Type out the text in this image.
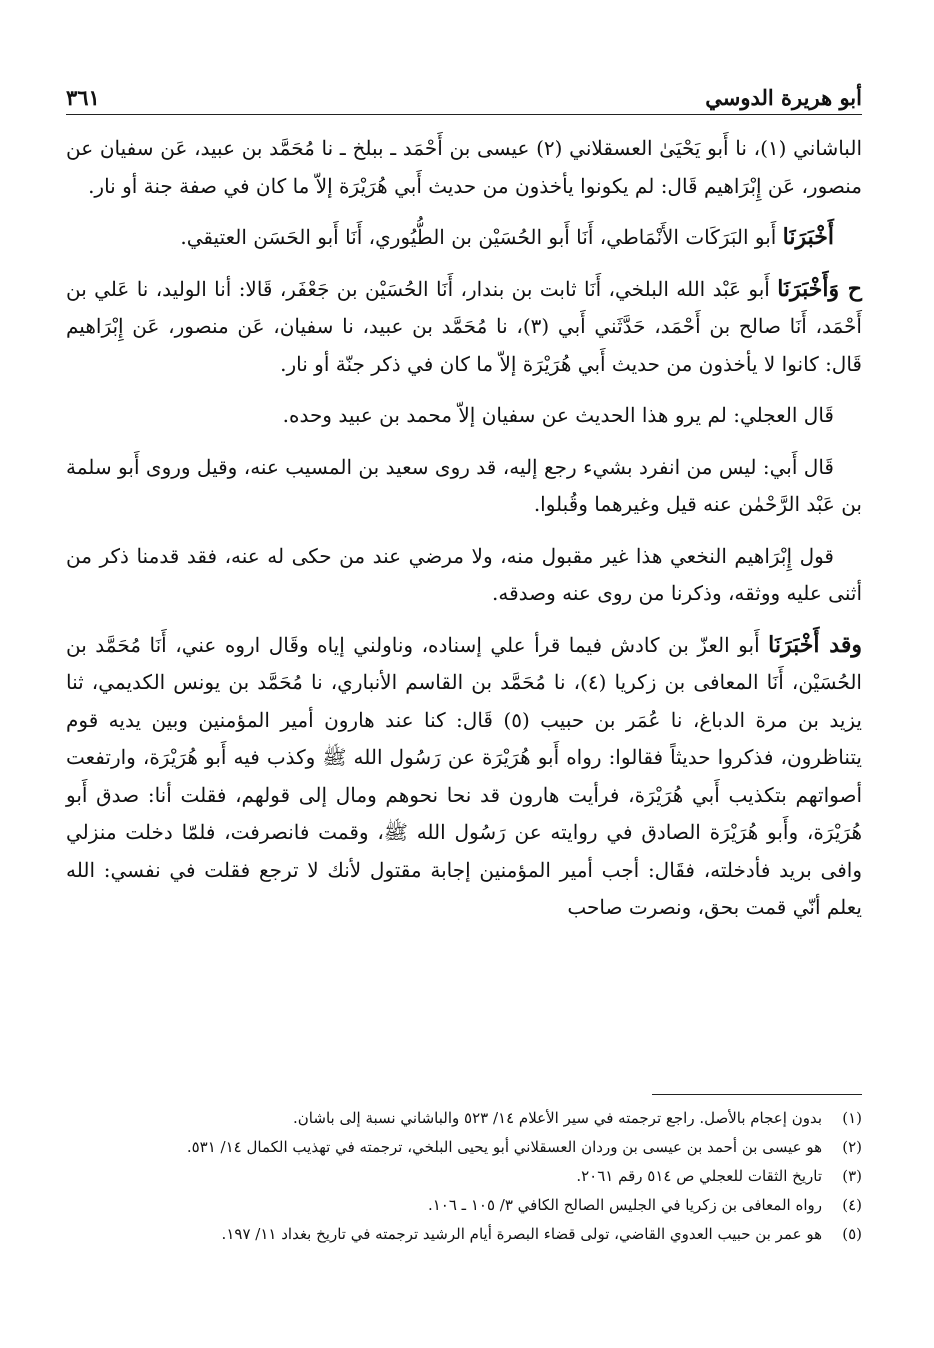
أبو هريرة الدوسي
٣٦١

الباشاني (١)، نا أَبو يَحْيَىٰ العسقلاني (٢) عيسى بن أَحْمَد ـ ببلخ ـ نا مُحَمَّد بن عبيد، عَن سفيان عن منصور، عَن إِبْرَاهيم قَال: لم يكونوا يأخذون من حديث أَبي هُرَيْرَة إلاّ ما كان في صفة جنة أو نار.

أَخْبَرَنَا أَبو البَرَكَات الأَنْمَاطي، أَنَا أَبو الحُسَيْن بن الطُّيُوري، أَنَا أَبو الحَسَن العتيقي.

ح وَأَخْبَرَنَا أَبو عَبْد الله البلخي، أَنَا ثابت بن بندار، أَنَا الحُسَيْن بن جَعْفَر، قَالا: أنا الوليد، نا عَلي بن أَحْمَد، أَنَا صالح بن أَحْمَد، حَدَّثَني أَبي (٣)، نا مُحَمَّد بن عبيد، نا سفيان، عَن منصور، عَن إِبْرَاهيم قَال: كانوا لا يأخذون من حديث أَبي هُرَيْرَة إلاّ ما كان في ذكر جنّة أو نار.

قَال العجلي: لم يرو هذا الحديث عن سفيان إلاّ محمد بن عبيد وحده.

قَال أَبي: ليس من انفرد بشيء رجع إليه، قد روى سعيد بن المسيب عنه، وقيل وروى أَبو سلمة بن عَبْد الرَّحْمٰن عنه قيل وغيرهما وقُبلوا.

قول إِبْرَاهيم النخعي هذا غير مقبول منه، ولا مرضي عند من حكى له عنه، فقد قدمنا ذكر من أثنى عليه ووثقه، وذكرنا من روى عنه وصدقه.

وقد أَخْبَرَنَا أَبو العزّ بن كادش فيما قرأ علي إسناده، وناولني إياه وقَال اروه عني، أَنَا مُحَمَّد بن الحُسَيْن، أَنَا المعافى بن زكريا (٤)، نا مُحَمَّد بن القاسم الأنباري، نا مُحَمَّد بن يونس الكديمي، ثنا يزيد بن مرة الدباغ، نا عُمَر بن حبيب (٥) قَال: كنا عند هارون أمير المؤمنين وبين يديه قوم يتناظرون، فذكروا حديثاً فقالوا: رواه أَبو هُرَيْرَة عن رَسُول الله ﷺ وكذب فيه أَبو هُرَيْرَة، وارتفعت أصواتهم بتكذيب أَبي هُرَيْرَة، فرأيت هارون قد نحا نحوهم ومال إلى قولهم، فقلت أنا: صدق أَبو هُرَيْرَة، وأَبو هُرَيْرَة الصادق في روايته عن رَسُول الله ﷺ، وقمت فانصرفت، فلمّا دخلت منزلي وافى بريد فأدخلته، فقَال: أجب أمير المؤمنين إجابة مقتول لأنك لا ترجع فقلت في نفسي: الله يعلم أنّي قمت بحق، ونصرت صاحب

(١)
بدون إعجام بالأصل. راجع ترجمته في سير الأعلام ١٤/ ٥٢٣ والباشاني نسبة إلى باشان.
(٢)
هو عيسى بن أحمد بن عيسى بن وردان العسقلاني أبو يحيى البلخي، ترجمته في تهذيب الكمال ١٤/ ٥٣١.
(٣)
تاريخ الثقات للعجلي ص ٥١٤ رقم ٢٠٦١.
(٤)
رواه المعافى بن زكريا في الجليس الصالح الكافي ٣/ ١٠٥ ـ ١٠٦.
(٥)
هو عمر بن حبيب العدوي القاضي، تولى قضاء البصرة أيام الرشيد ترجمته في تاريخ بغداد ١١/ ١٩٧.
